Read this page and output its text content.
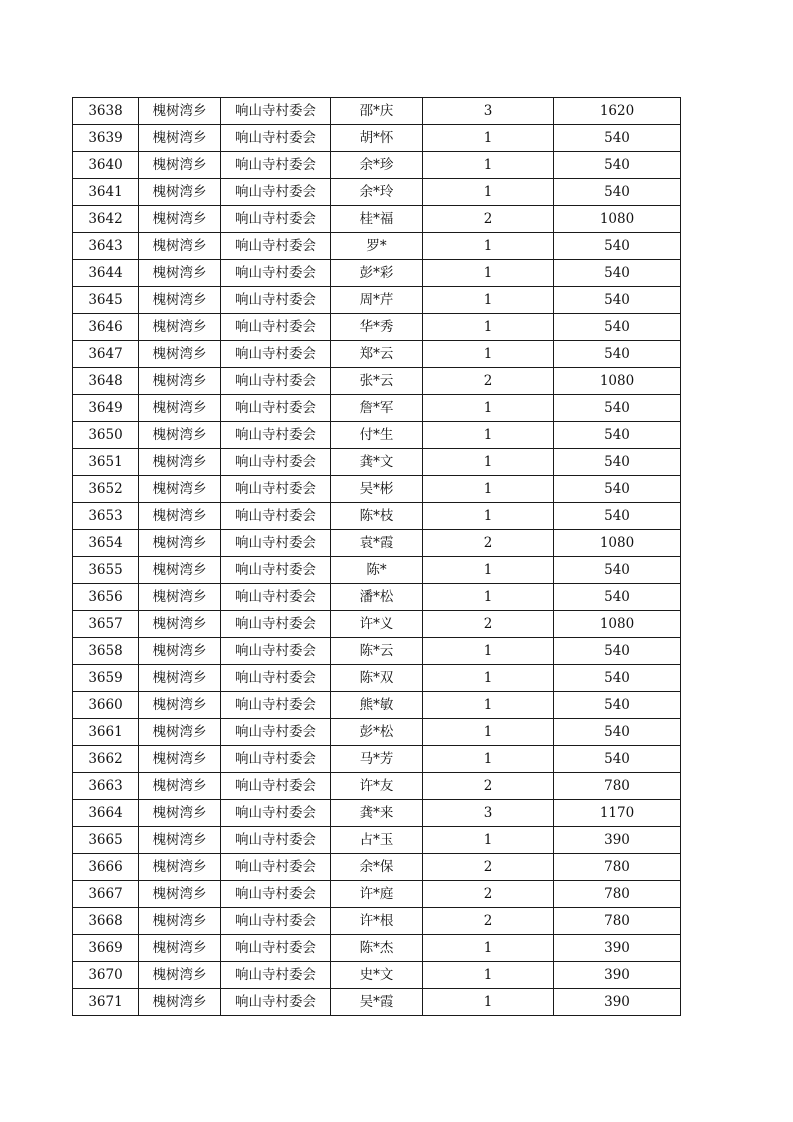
3638	槐树湾乡	响山寺村委会	邵*庆	3	1620
3639	槐树湾乡	响山寺村委会	胡*怀	1	540
3640	槐树湾乡	响山寺村委会	余*珍	1	540
3641	槐树湾乡	响山寺村委会	余*玲	1	540
3642	槐树湾乡	响山寺村委会	桂*福	2	1080
3643	槐树湾乡	响山寺村委会	罗*	1	540
3644	槐树湾乡	响山寺村委会	彭*彩	1	540
3645	槐树湾乡	响山寺村委会	周*芹	1	540
3646	槐树湾乡	响山寺村委会	华*秀	1	540
3647	槐树湾乡	响山寺村委会	郑*云	1	540
3648	槐树湾乡	响山寺村委会	张*云	2	1080
3649	槐树湾乡	响山寺村委会	詹*军	1	540
3650	槐树湾乡	响山寺村委会	付*生	1	540
3651	槐树湾乡	响山寺村委会	龚*文	1	540
3652	槐树湾乡	响山寺村委会	吴*彬	1	540
3653	槐树湾乡	响山寺村委会	陈*枝	1	540
3654	槐树湾乡	响山寺村委会	袁*霞	2	1080
3655	槐树湾乡	响山寺村委会	陈*	1	540
3656	槐树湾乡	响山寺村委会	潘*松	1	540
3657	槐树湾乡	响山寺村委会	许*义	2	1080
3658	槐树湾乡	响山寺村委会	陈*云	1	540
3659	槐树湾乡	响山寺村委会	陈*双	1	540
3660	槐树湾乡	响山寺村委会	熊*敏	1	540
3661	槐树湾乡	响山寺村委会	彭*松	1	540
3662	槐树湾乡	响山寺村委会	马*芳	1	540
3663	槐树湾乡	响山寺村委会	许*友	2	780
3664	槐树湾乡	响山寺村委会	龚*来	3	1170
3665	槐树湾乡	响山寺村委会	占*玉	1	390
3666	槐树湾乡	响山寺村委会	余*保	2	780
3667	槐树湾乡	响山寺村委会	许*庭	2	780
3668	槐树湾乡	响山寺村委会	许*根	2	780
3669	槐树湾乡	响山寺村委会	陈*杰	1	390
3670	槐树湾乡	响山寺村委会	史*文	1	390
3671	槐树湾乡	响山寺村委会	吴*霞	1	390
